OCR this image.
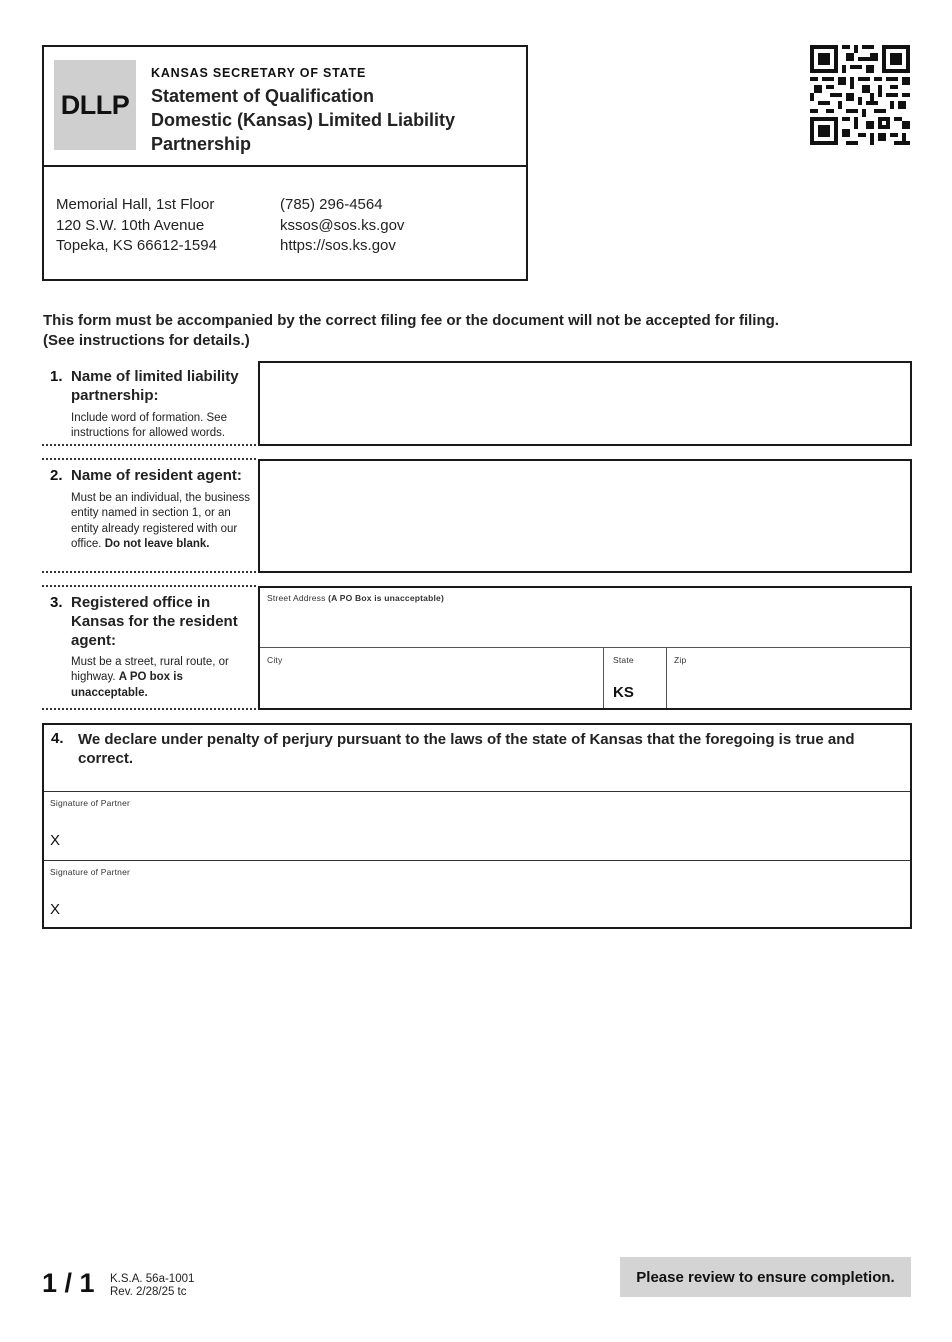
DLLP
KANSAS SECRETARY OF STATE
Statement of Qualification
Domestic (Kansas) Limited Liability
Partnership
Memorial Hall, 1st Floor
120 S.W. 10th Avenue
Topeka, KS 66612-1594
(785) 296-4564
kssos@sos.ks.gov
https://sos.ks.gov
This form must be accompanied by the correct filing fee or the document will not be accepted for filing.
(See instructions for details.)
1. Name of limited liability partnership:
Include word of formation. See instructions for allowed words.
2. Name of resident agent:
Must be an individual, the business entity named in section 1, or an entity already registered with our office. Do not leave blank.
3. Registered office in Kansas for the resident agent:
Must be a street, rural route, or highway. A PO box is unacceptable.
Street Address (A PO Box is unacceptable)
City	State
KS
Zip
4. We declare under penalty of perjury pursuant to the laws of the state of Kansas that the foregoing is true and correct.
Signature of Partner
X
Signature of Partner
X
1 / 1 K.S.A. 56a-1001
Rev. 2/28/25 tc
Please review to ensure completion.
